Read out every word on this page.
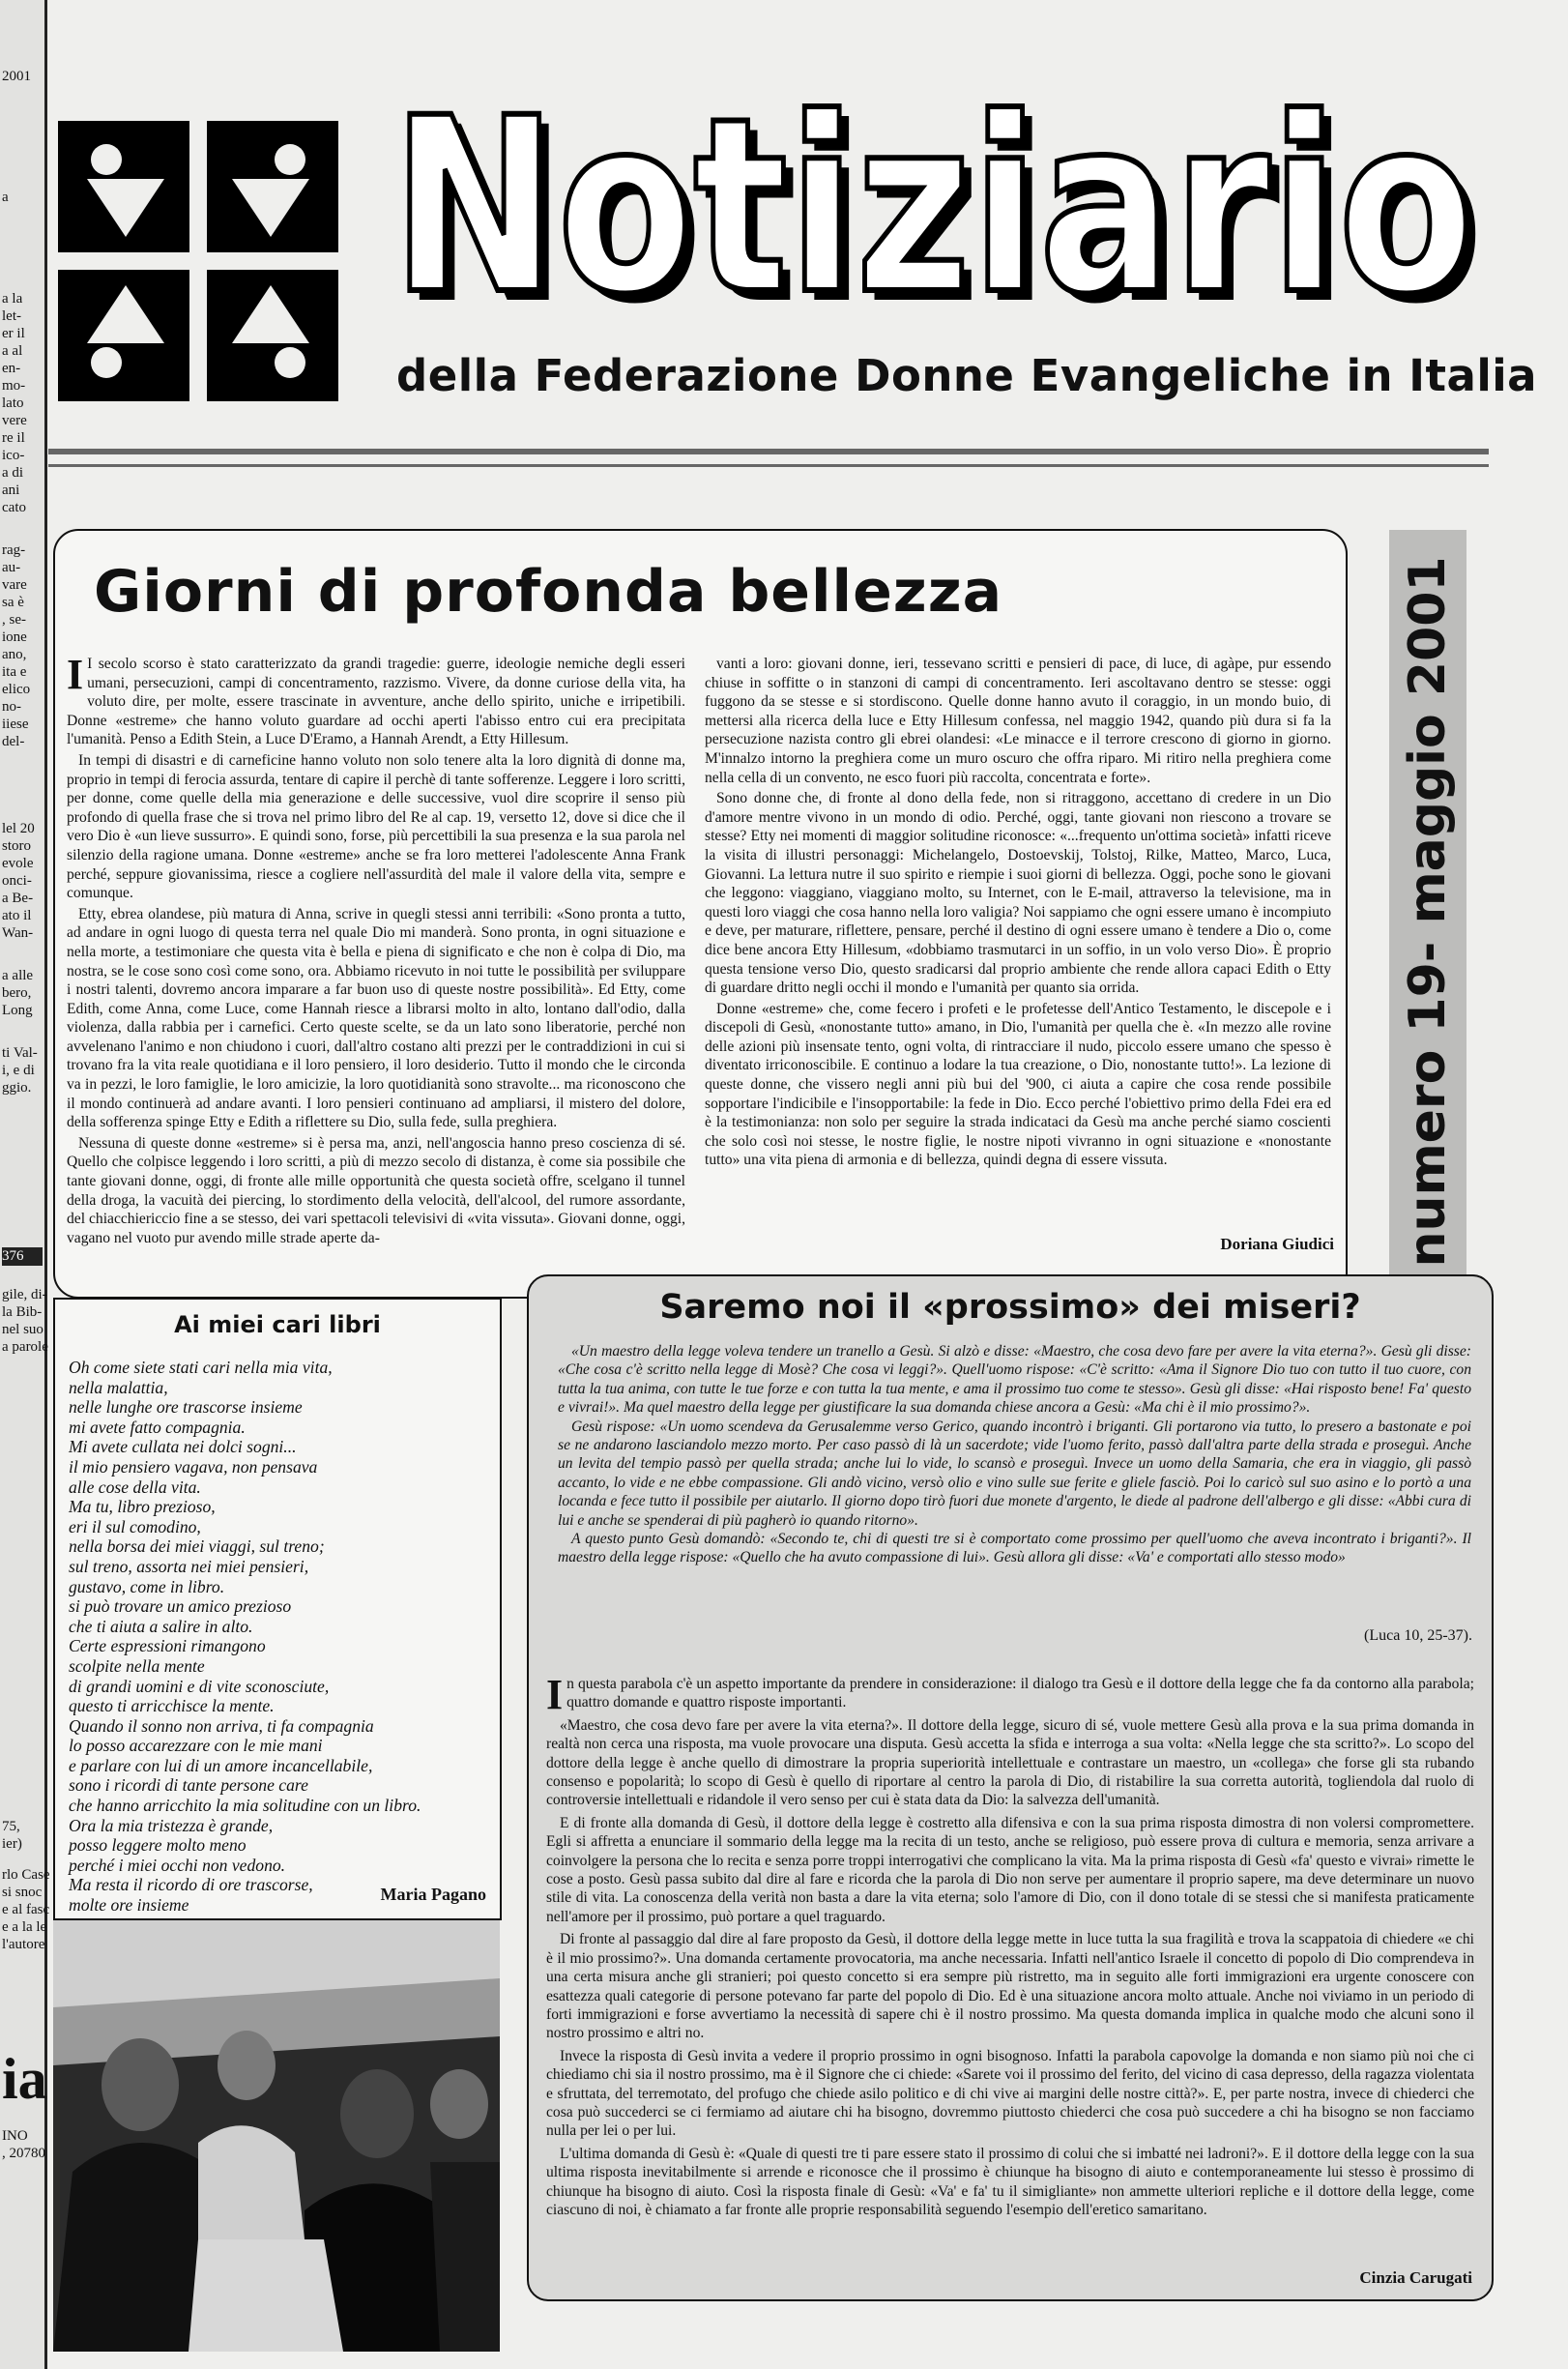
2001
a
a la
let-
er il
a al
en-
mo-
lato
vere
re il
ico-
a di
ani
cato
rag-
au-
vare
sa è
, se-
ione
ano,
ita e
elico
no-
iiese
del-
lel 20
storo
evole
onci-
a Be-
ato il
Wan-
a alle
bero,
Long
ti Val-
i, e di
ggio.
376
gile, di-
la Bib-
nel suo
a parole
75,
ier)
rlo Case
si snoc
e al fasc
e a la le
l'autore
ia
INO
, 20780
Notiziario
Notiziario
della Federazione Donne Evangeliche in Italia
Giorni di profonda bellezza

I I secolo scorso è stato caratterizzato da grandi tragedie: guerre, ideologie nemiche degli esseri umani, persecuzioni, campi di concentramento, razzismo. Vivere, da donne curiose della vita, ha voluto dire, per molte, essere trascinate in avventure, anche dello spirito, uniche e irripetibili. Donne «estreme» che hanno voluto guardare ad occhi aperti l'abisso entro cui era precipitata l'umanità. Penso a Edith Stein, a Luce D'Eramo, a Hannah Arendt, a Etty Hillesum.

In tempi di disastri e di carneficine hanno voluto non solo tenere alta la loro dignità di donne ma, proprio in tempi di ferocia assurda, tentare di capire il perchè di tante sofferenze. Leggere i loro scritti, per donne, come quelle della mia generazione e delle successive, vuol dire scoprire il senso più profondo di quella frase che si trova nel primo libro del Re al cap. 19, versetto 12, dove si dice che il vero Dio è «un lieve sussurro». E quindi sono, forse, più percettibili la sua presenza e la sua parola nel silenzio della ragione umana. Donne «estreme» anche se fra loro metterei l'adolescente Anna Frank perché, seppure giovanissima, riesce a cogliere nell'assurdità del male il valore della vita, sempre e comunque.

Etty, ebrea olandese, più matura di Anna, scrive in quegli stessi anni terribili: «Sono pronta a tutto, ad andare in ogni luogo di questa terra nel quale Dio mi manderà. Sono pronta, in ogni situazione e nella morte, a testimoniare che questa vita è bella e piena di significato e che non è colpa di Dio, ma nostra, se le cose sono così come sono, ora. Abbiamo ricevuto in noi tutte le possibilità per sviluppare i nostri talenti, dovremo ancora imparare a far buon uso di queste nostre possibilità». Ed Etty, come Edith, come Anna, come Luce, come Hannah riesce a librarsi molto in alto, lontano dall'odio, dalla violenza, dalla rabbia per i carnefici. Certo queste scelte, se da un lato sono liberatorie, perché non avvelenano l'animo e non chiudono i cuori, dall'altro costano alti prezzi per le contraddizioni in cui si trovano fra la vita reale quotidiana e il loro pensiero, il loro desiderio. Tutto il mondo che le circonda va in pezzi, le loro famiglie, le loro amicizie, la loro quotidianità sono stravolte... ma riconoscono che il mondo continuerà ad andare avanti. I loro pensieri continuano ad ampliarsi, il mistero del dolore, della sofferenza spinge Etty e Edith a riflettere su Dio, sulla fede, sulla preghiera.

Nessuna di queste donne «estreme» si è persa ma, anzi, nell'angoscia hanno preso coscienza di sé. Quello che colpisce leggendo i loro scritti, a più di mezzo secolo di distanza, è come sia possibile che tante giovani donne, oggi, di fronte alle mille opportunità che questa società offre, scelgano il tunnel della droga, la vacuità dei piercing, lo stordimento della velocità, dell'alcool, del rumore assordante, del chiacchiericcio fine a se stesso, dei vari spettacoli televisivi di «vita vissuta». Giovani donne, oggi, vagano nel vuoto pur avendo mille strade aperte da-

vanti a loro: giovani donne, ieri, tessevano scritti e pensieri di pace, di luce, di agàpe, pur essendo chiuse in soffitte o in stanzoni di campi di concentramento. Ieri ascoltavano dentro se stesse: oggi fuggono da se stesse e si stordiscono. Quelle donne hanno avuto il coraggio, in un mondo buio, di mettersi alla ricerca della luce e Etty Hillesum confessa, nel maggio 1942, quando più dura si fa la persecuzione nazista contro gli ebrei olandesi: «Le minacce e il terrore crescono di giorno in giorno. M'innalzo intorno la preghiera come un muro oscuro che offra riparo. Mi ritiro nella preghiera come nella cella di un convento, ne esco fuori più raccolta, concentrata e forte».

Sono donne che, di fronte al dono della fede, non si ritraggono, accettano di credere in un Dio d'amore mentre vivono in un mondo di odio. Perché, oggi, tante giovani non riescono a trovare se stesse? Etty nei momenti di maggior solitudine riconosce: «...frequento un'ottima società» infatti riceve la visita di illustri personaggi: Michelangelo, Dostoevskij, Tolstoj, Rilke, Matteo, Marco, Luca, Giovanni. La lettura nutre il suo spirito e riempie i suoi giorni di bellezza. Oggi, poche sono le giovani che leggono: viaggiano, viaggiano molto, su Internet, con le E-mail, attraverso la televisione, ma in questi loro viaggi che cosa hanno nella loro valigia? Noi sappiamo che ogni essere umano è incompiuto e deve, per maturare, riflettere, pensare, perché il destino di ogni essere umano è tendere a Dio o, come dice bene ancora Etty Hillesum, «dobbiamo trasmutarci in un soffio, in un volo verso Dio». È proprio questa tensione verso Dio, questo sradicarsi dal proprio ambiente che rende allora capaci Edith o Etty di guardare dritto negli occhi il mondo e l'umanità per quanto sia orrida.

Donne «estreme» che, come fecero i profeti e le profetesse dell'Antico Testamento, le discepole e i discepoli di Gesù, «nonostante tutto» amano, in Dio, l'umanità per quella che è. «In mezzo alle rovine delle azioni più insensate tento, ogni volta, di rintracciare il nudo, piccolo essere umano che spesso è diventato irriconoscibile. E continuo a lodare la tua creazione, o Dio, nonostante tutto!». La lezione di queste donne, che vissero negli anni più bui del '900, ci aiuta a capire che cosa rende possibile sopportare l'indicibile e l'insopportabile: la fede in Dio. Ecco perché l'obiettivo primo della Fdei era ed è la testimonianza: non solo per seguire la strada indicataci da Gesù ma anche perché siamo coscienti che solo così noi stesse, le nostre figlie, le nostre nipoti vivranno in ogni situazione e «nonostante tutto» una vita piena di armonia e di bellezza, quindi degna di essere vissuta.

Doriana Giudici numero 19- maggio 2001
Ai miei cari libri
Oh come siete stati cari nella mia vita,
nella malattia,
nelle lunghe ore trascorse insieme
mi avete fatto compagnia.
Mi avete cullata nei dolci sogni...
il mio pensiero vagava, non pensava
alle cose della vita.
Ma tu, libro prezioso,
eri il sul comodino,
nella borsa dei miei viaggi, sul treno;
sul treno, assorta nei miei pensieri,
gustavo, come in libro.
si può trovare un amico prezioso
che ti aiuta a salire in alto.
Certe espressioni rimangono
scolpite nella mente
di grandi uomini e di vite sconosciute,
questo ti arricchisce la mente.
Quando il sonno non arriva, ti fa compagnia
lo posso accarezzare con le mie mani
e parlare con lui di un amore incancellabile,
sono i ricordi di tante persone care
che hanno arricchito la mia solitudine con un libro.
Ora la mia tristezza è grande,
posso leggere molto meno
perché i miei occhi non vedono.
Ma resta il ricordo di ore trascorse,
molte ore insieme
Maria Pagano
Saremo noi il «prossimo» dei miseri?

«Un maestro della legge voleva tendere un tranello a Gesù. Si alzò e disse: «Maestro, che cosa devo fare per avere la vita eterna?». Gesù gli disse: «Che cosa c'è scritto nella legge di Mosè? Che cosa vi leggi?». Quell'uomo rispose: «C'è scritto: «Ama il Signore Dio tuo con tutto il tuo cuore, con tutta la tua anima, con tutte le tue forze e con tutta la tua mente, e ama il prossimo tuo come te stesso». Gesù gli disse: «Hai risposto bene! Fa' questo e vivrai!». Ma quel maestro della legge per giustificare la sua domanda chiese ancora a Gesù: «Ma chi è il mio prossimo?».

Gesù rispose: «Un uomo scendeva da Gerusalemme verso Gerico, quando incontrò i briganti. Gli portarono via tutto, lo presero a bastonate e poi se ne andarono lasciandolo mezzo morto. Per caso passò di là un sacerdote; vide l'uomo ferito, passò dall'altra parte della strada e proseguì. Anche un levita del tempio passò per quella strada; anche lui lo vide, lo scansò e proseguì. Invece un uomo della Samaria, che era in viaggio, gli passò accanto, lo vide e ne ebbe compassione. Gli andò vicino, versò olio e vino sulle sue ferite e gliele fasciò. Poi lo caricò sul suo asino e lo portò a una locanda e fece tutto il possibile per aiutarlo. Il giorno dopo tirò fuori due monete d'argento, le diede al padrone dell'albergo e gli disse: «Abbi cura di lui e anche se spenderai di più pagherò io quando ritorno».

A questo punto Gesù domandò: «Secondo te, chi di questi tre si è comportato come prossimo per quell'uomo che aveva incontrato i briganti?». Il maestro della legge rispose: «Quello che ha avuto compassione di lui». Gesù allora gli disse: «Va' e comportati allo stesso modo»

(Luca 10, 25-37).

In questa parabola c'è un aspetto importante da prendere in considerazione: il dialogo tra Gesù e il dottore della legge che fa da contorno alla parabola; quattro domande e quattro risposte importanti.

«Maestro, che cosa devo fare per avere la vita eterna?». Il dottore della legge, sicuro di sé, vuole mettere Gesù alla prova e la sua prima domanda in realtà non cerca una risposta, ma vuole provocare una disputa. Gesù accetta la sfida e interroga a sua volta: «Nella legge che sta scritto?». Lo scopo del dottore della legge è anche quello di dimostrare la propria superiorità intellettuale e contrastare un maestro, un «collega» che forse gli sta rubando consenso e popolarità; lo scopo di Gesù è quello di riportare al centro la parola di Dio, di ristabilire la sua corretta autorità, togliendola dal ruolo di controversie intellettuali e ridandole il vero senso per cui è stata data da Dio: la salvezza dell'umanità.

E di fronte alla domanda di Gesù, il dottore della legge è costretto alla difensiva e con la sua prima risposta dimostra di non volersi compromettere. Egli si affretta a enunciare il sommario della legge ma la recita di un testo, anche se religioso, può essere prova di cultura e memoria, senza arrivare a coinvolgere la persona che lo recita e senza porre troppi interrogativi che complicano la vita. Ma la prima risposta di Gesù «fa' questo e vivrai» rimette le cose a posto. Gesù passa subito dal dire al fare e ricorda che la parola di Dio non serve per aumentare il proprio sapere, ma deve determinare un nuovo stile di vita. La conoscenza della verità non basta a dare la vita eterna; solo l'amore di Dio, con il dono totale di se stessi che si manifesta praticamente nell'amore per il prossimo, può portare a quel traguardo.

Di fronte al passaggio dal dire al fare proposto da Gesù, il dottore della legge mette in luce tutta la sua fragilità e trova la scappatoia di chiedere «e chi è il mio prossimo?». Una domanda certamente provocatoria, ma anche necessaria. Infatti nell'antico Israele il concetto di popolo di Dio comprendeva in una certa misura anche gli stranieri; poi questo concetto si era sempre più ristretto, ma in seguito alle forti immigrazioni era urgente conoscere con esattezza quali categorie di persone potevano far parte del popolo di Dio. Ed è una situazione ancora molto attuale. Anche noi viviamo in un periodo di forti immigrazioni e forse avvertiamo la necessità di sapere chi è il nostro prossimo. Ma questa domanda implica in qualche modo che alcuni sono il nostro prossimo e altri no.

Invece la risposta di Gesù invita a vedere il proprio prossimo in ogni bisognoso. Infatti la parabola capovolge la domanda e non siamo più noi che ci chiediamo chi sia il nostro prossimo, ma è il Signore che ci chiede: «Sarete voi il prossimo del ferito, del vicino di casa depresso, della ragazza violentata e sfruttata, del terremotato, del profugo che chiede asilo politico e di chi vive ai margini delle nostre città?». E, per parte nostra, invece di chiederci che cosa può succederci se ci fermiamo ad aiutare chi ha bisogno, dovremmo piuttosto chiederci che cosa può succedere a chi ha bisogno se non facciamo nulla per lei o per lui.

L'ultima domanda di Gesù è: «Quale di questi tre ti pare essere stato il prossimo di colui che si imbatté nei ladroni?». E il dottore della legge con la sua ultima risposta inevitabilmente si arrende e riconosce che il prossimo è chiunque ha bisogno di aiuto e contemporaneamente lui stesso è prossimo di chiunque ha bisogno di aiuto. Così la risposta finale di Gesù: «Va' e fa' tu il simigliante» non ammette ulteriori repliche e il dottore della legge, come ciascuno di noi, è chiamato a far fronte alle proprie responsabilità seguendo l'esempio dell'eretico samaritano.

Cinzia Carugati
